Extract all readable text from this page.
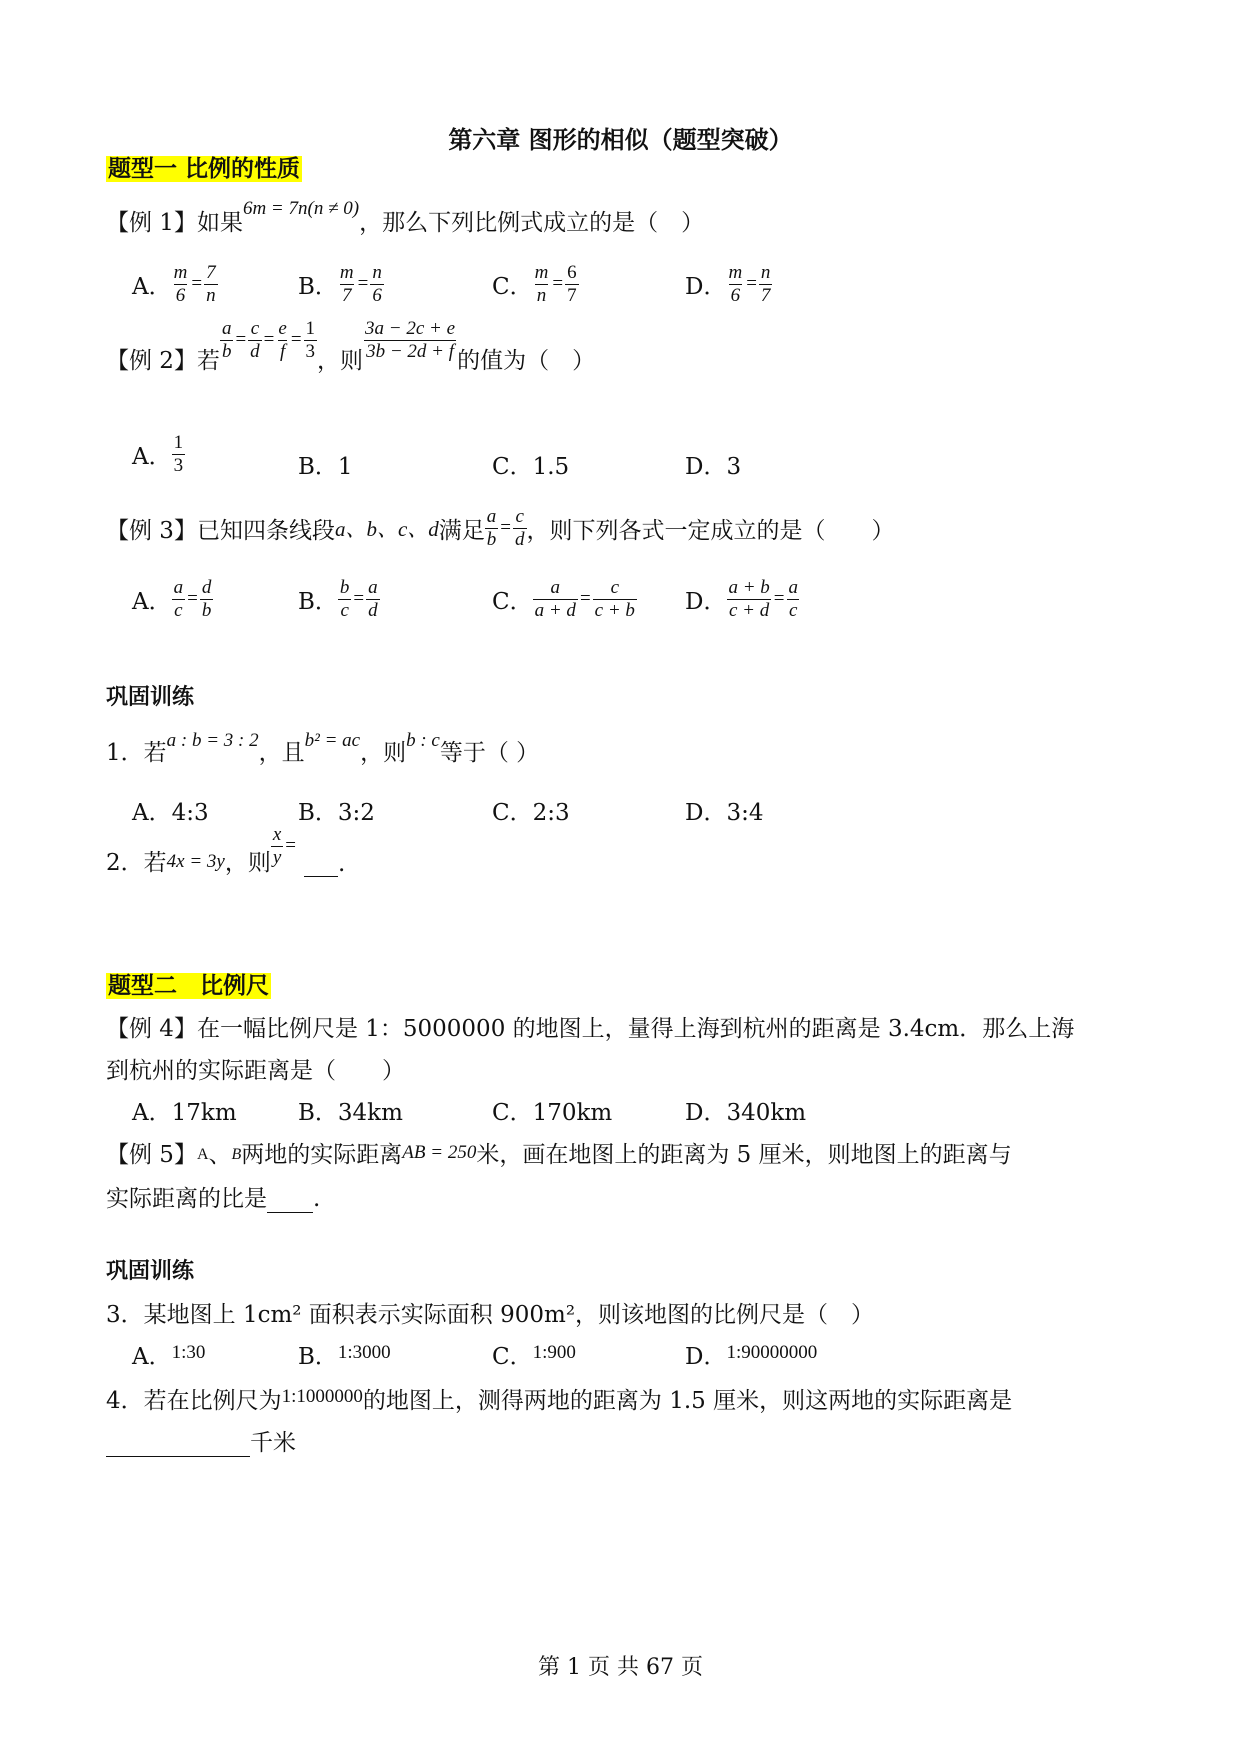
第六章 图形的相似（题型突破）
题型一 比例的性质
【例 1】如果$^{6m = 7n(n \ne 0)}$，那么下列比例式成立的是（　）
A． $\frac{m}{6} = \frac{7}{n}$	B． $\frac{m}{7} = \frac{n}{6}$	C． $\frac{m}{n} = \frac{6}{7}$	D． $\frac{m}{6} = \frac{n}{7}$
【例 2】若 $\frac{a}{b} = \frac{c}{d} = \frac{e}{f} = \frac{1}{3}$ ，则 $\frac{3a - 2c + e}{3b - 2d + f}$ 的值为（　）
A． $\frac{1}{3}$	B．1	C．1.5	D．3
【例 3】已知四条线段 a、b、c、d 满足 $\frac{a}{b} = \frac{c}{d}$ ，则下列各式一定成立的是（　　）
A． $\frac{a}{c} = \frac{d}{b}$	B． $\frac{b}{c} = \frac{a}{d}$	C． $\frac{a}{a + d} = \frac{c}{c + b}$ D． $\frac{a + b}{c + d} = \frac{a}{c}$
巩固训练
1．若$^{a : b = 3 : 2}$，且$^{b^2 = ac}$，则$^{b : c}$等于（ ）
A．4:3	B．3:2	C．2:3	D．3:4
2．若 4x = 3y ，则 $\frac{x}{y}$ =
.
题型二　比例尺
【例 4】在一幅比例尺是 1：5000000 的地图上，量得上海到杭州的距离是 3.4cm．那么上海
到杭州的实际距离是（　　）
A．17km	B．34km	C．170km	D．340km
【例 5】A、B两地的实际距离AB = 250米，画在地图上的距离为 5 厘米，则地图上的距离与
实际距离的比是 .
巩固训练
3．某地图上 1cm² 面积表示实际面积 900m²，则该地图的比例尺是（　）
A．$^{1:30}$	B．$^{1:3000}$	C．$^{1:900}$	D．$^{1:90000000}$
4．若在比例尺为$^{1:1000000}$的地图上，测得两地的距离为 1.5 厘米，则这两地的实际距离是
千米
第 1 页 共 67 页
